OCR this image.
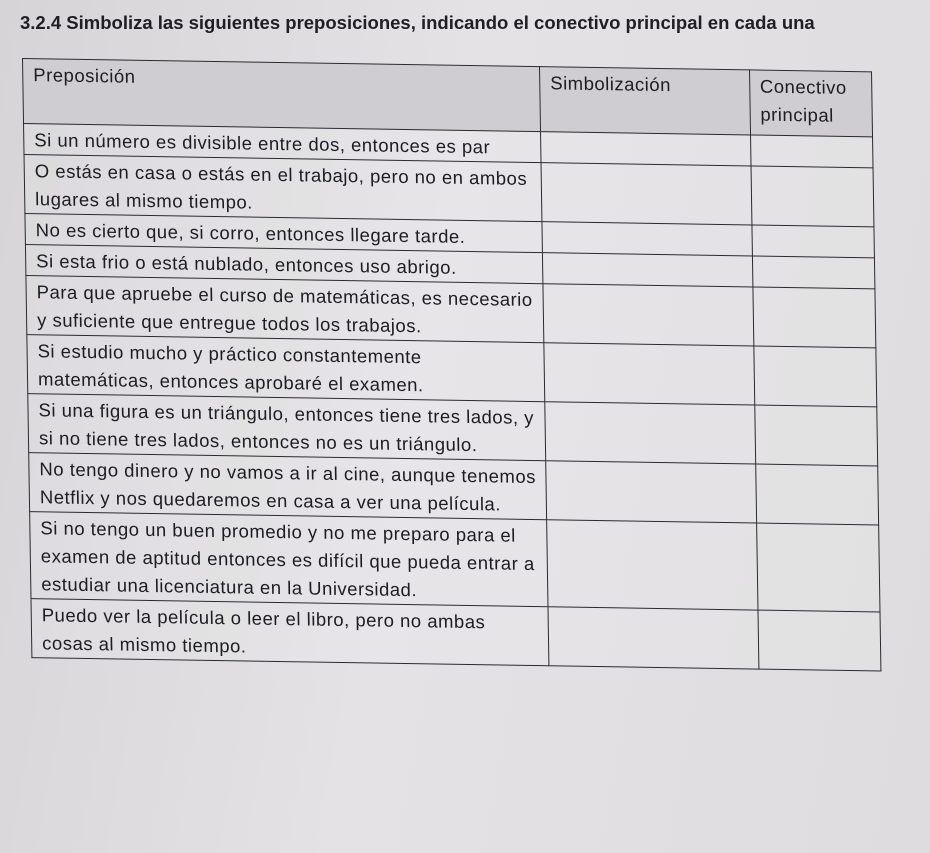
3.2.4 Simboliza las siguientes preposiciones, indicando el conectivo principal en cada una
Preposición	Simbolización	Conectivo principal
Si un número es divisible entre dos, entonces es par		
O estás en casa o estás en el trabajo, pero no en ambos lugares al mismo tiempo.		
No es cierto que, si corro, entonces llegare tarde.		
Si esta frio o está nublado, entonces uso abrigo.		
Para que apruebe el curso de matemáticas, es necesario y suficiente que entregue todos los trabajos.		
Si estudio mucho y práctico constantemente matemáticas, entonces aprobaré el examen.		
Si una figura es un triángulo, entonces tiene tres lados, y si no tiene tres lados, entonces no es un triángulo.		
No tengo dinero y no vamos a ir al cine, aunque tenemos Netflix y nos quedaremos en casa a ver una película.		
Si no tengo un buen promedio y no me preparo para el examen de aptitud entonces es difícil que pueda entrar a estudiar una licenciatura en la Universidad.		
Puedo ver la película o leer el libro, pero no ambas cosas al mismo tiempo.		
